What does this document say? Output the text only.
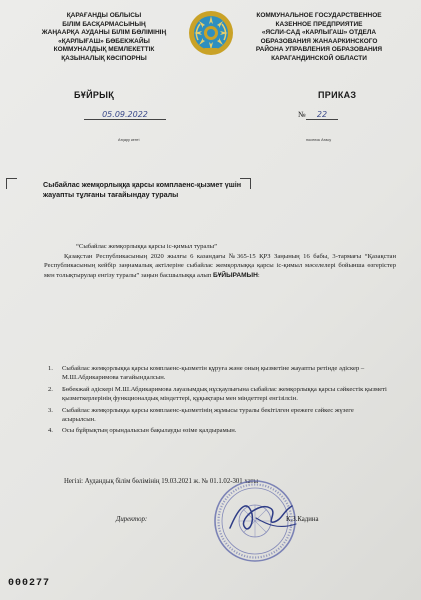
ҚАРАҒАНДЫ ОБЛЫСЫ
БІЛІМ БАСҚАРМАСЫНЫҢ
ЖАҢААРҚА АУДАНЫ БІЛІМ БӨЛІМІНІҢ
«ҚАРЛЫҒАШ» БӨБЕКЖАЙЫ
КОММУНАЛДЫҚ МЕМЛЕКЕТТІК
ҚАЗЫНАЛЫҚ КӘСІПОРНЫ
КОММУНАЛЬНОЕ ГОСУДАРСТВЕННОЕ
КАЗЕННОЕ ПРЕДПРИЯТИЕ
«ЯСЛИ-САД «КАРЛЫГАШ» ОТДЕЛА
ОБРАЗОВАНИЯ ЖАНААРКИНСКОГО
РАЙОНА УПРАВЛЕНИЯ ОБРАЗОВАНИЯ
КАРАГАНДИНСКОЙ ОБЛАСТИ
БҰЙРЫҚ	ПРИКАЗ
05.09.2022	№	22
Атқару кенті	поселок Атасу
Сыбайлас жемқорлыққа қарсы комплаенс-қызмет үшін жауапты тұлғаны тағайындау туралы
“Сыбайлас жемқорлыққа қарсы іс-қимыл туралы”
Қазақстан Республикасының 2020 жылғы 6 казандағы №365-15 ҚРЗ Заңының 16 бабы, 3-тармағы “Қазақстан Республикасының кейбір заңнамалық актілеріне сыбайлас жемқорлыққа қарсы іс-қимыл мәселелері бойынша өзгерістер мен толықтырулар енгізу туралы” заңын басшылыққа алып БҰЙЫРАМЫН:
1.	Сыбайлас жемқорлыққа қарсы комплаенс-қызметін құруға және оның қызметіне жауапты ретінде әдіскер – М.Ш.Абдикаримова тағайындалсын.
2.	Бөбекжай әдіскері М.Ш.Абдикаримова лауазымдық нұсқаулығына сыбайлас жемқорлыққа қарсы сәйкестік қызметі қызметкерлерінің функционалдық міндеттері, құқықтары мен міндеттері енгізілсін.
3.	Сыбайлас жемқорлыққа қарсы комплаенс-қызметінің жұмысы туралы бекітілген ережеге сәйкес жүзеге асырылсын.
4.	Осы бұйрықтың орындалысын бақылауды өзіме қалдырамын.
Негізі: Аудандық білім бөлімінің 19.03.2021 ж. № 01.1.02-301 хаты
Директор:	К.З.Кадина
000277
